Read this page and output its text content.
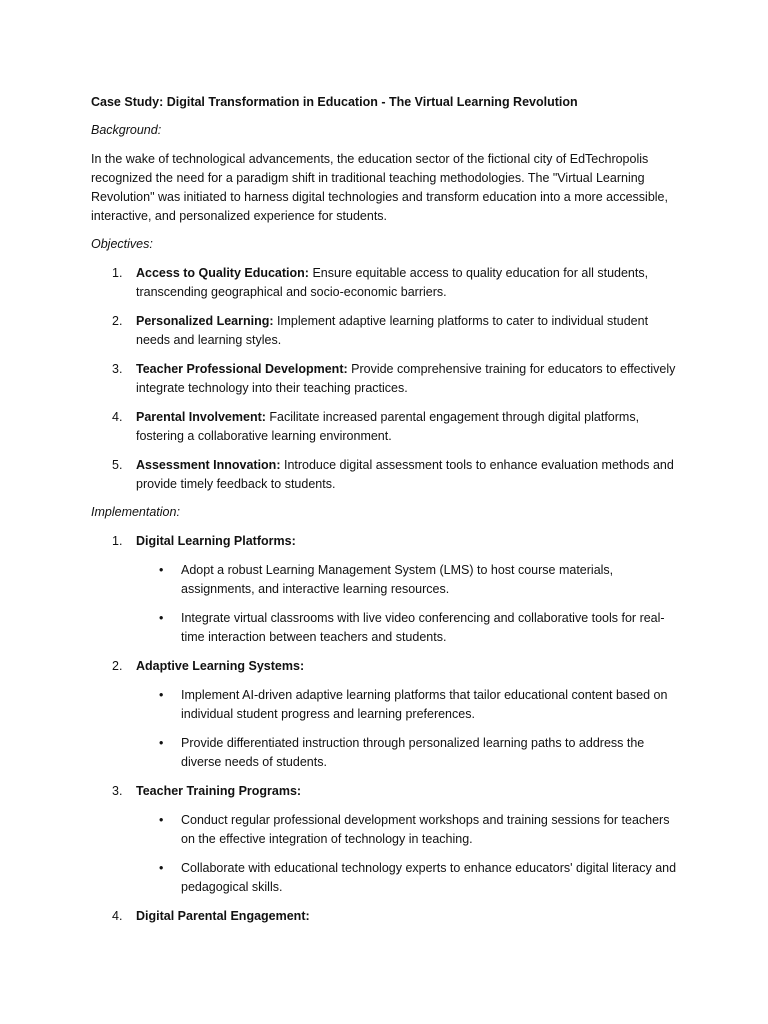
Case Study: Digital Transformation in Education - The Virtual Learning Revolution
Background:
In the wake of technological advancements, the education sector of the fictional city of EdTechropolis recognized the need for a paradigm shift in traditional teaching methodologies. The "Virtual Learning Revolution" was initiated to harness digital technologies and transform education into a more accessible, interactive, and personalized experience for students.
Objectives:
1. Access to Quality Education: Ensure equitable access to quality education for all students, transcending geographical and socio-economic barriers.
2. Personalized Learning: Implement adaptive learning platforms to cater to individual student needs and learning styles.
3. Teacher Professional Development: Provide comprehensive training for educators to effectively integrate technology into their teaching practices.
4. Parental Involvement: Facilitate increased parental engagement through digital platforms, fostering a collaborative learning environment.
5. Assessment Innovation: Introduce digital assessment tools to enhance evaluation methods and provide timely feedback to students.
Implementation:
1. Digital Learning Platforms:
• Adopt a robust Learning Management System (LMS) to host course materials, assignments, and interactive learning resources.
• Integrate virtual classrooms with live video conferencing and collaborative tools for real-time interaction between teachers and students.
2. Adaptive Learning Systems:
• Implement AI-driven adaptive learning platforms that tailor educational content based on individual student progress and learning preferences.
• Provide differentiated instruction through personalized learning paths to address the diverse needs of students.
3. Teacher Training Programs:
• Conduct regular professional development workshops and training sessions for teachers on the effective integration of technology in teaching.
• Collaborate with educational technology experts to enhance educators' digital literacy and pedagogical skills.
4. Digital Parental Engagement:
